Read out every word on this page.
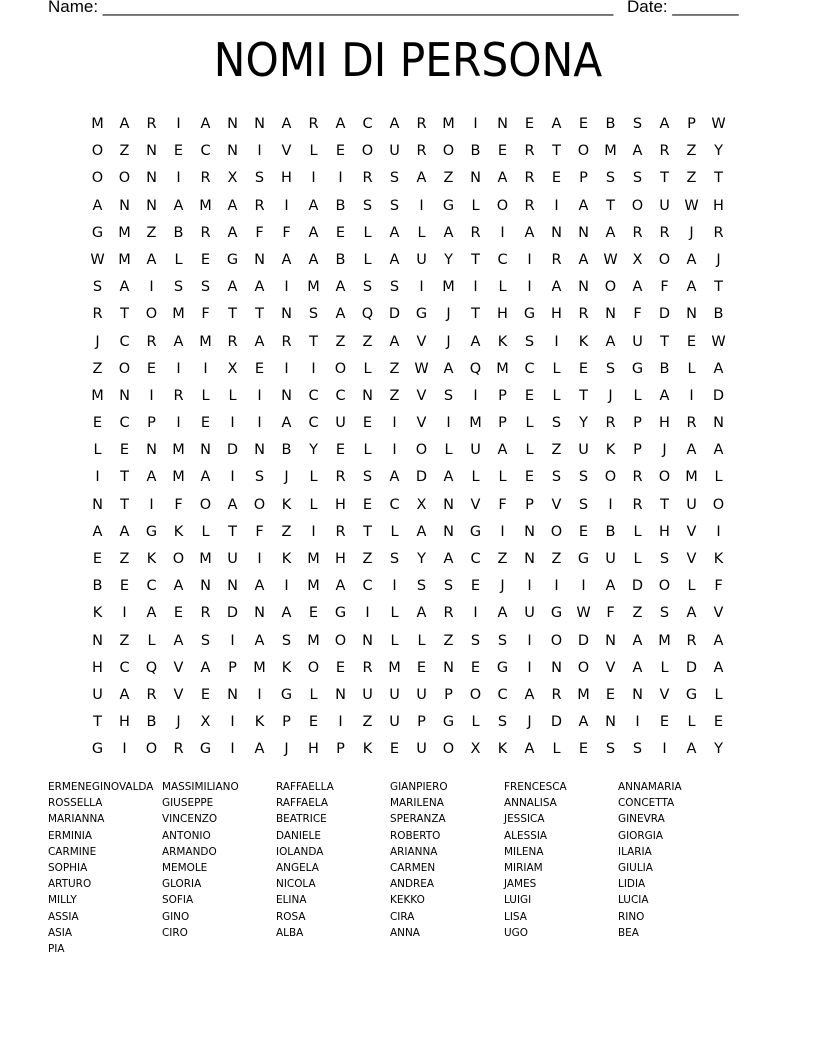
Name: ______________________________________________________ Date: _______
NOMI DI PERSONA
M	A	R	I	A	N	N	A	R	A	C	A	R	M	I	N	E	A	E	B	S	A	P	W
O	Z	N	E	C	N	I	V	L	E	O	U	R	O	B	E	R	T	O	M	A	R	Z	Y
O	O	N	I	R	X	S	H	I	I	R	S	A	Z	N	A	R	E	P	S	S	T	Z	T
A	N	N	A	M	A	R	I	A	B	S	S	I	G	L	O	R	I	A	T	O	U	W H
G	M	Z	B	R	A	F	F	A	E	L	A	L	A	R	I	A	N	N	A	R	R	J	R
W M	A	L	E	G	N	A	A	B	L	A	U	Y	T	C	I	R	A	W	X	O	A	J
S	A	I	S	S	A	A	I	M	A	S	S	I	M	I	L	I	A	N	O	A	F	A	T
R	T	O	M	F	T	T	N	S	A	Q	D	G	J	T	H	G	H	R	N	F	D	N	B
J	C	R	A	M	R	A	R	T	Z	Z	A	V	J	A	K	S	I	K	A	U	T	E	W
Z	O	E	I	I	X	E	I	I	O	L	Z	W	A	Q	M	C	L	E	S	G	B	L	A
M	N	I	R	L	L	I	N	C	C	N	Z	V	S	I	P	E	L	T	J	L	A	I	D
E	C	P	I	E	I	I	A	C	U	E	I	V	I	M	P	L	S	Y	R	P	H	R	N
L	E	N	M	N	D	N	B	Y	E	L	I	O	L	U	A	L	Z	U	K	P	J	A	A
I	T	A	M	A	I	S	J	L	R	S	A	D	A	L	L	E	S	S	O	R	O	M	L
N	T	I	F	O	A	O	K	L	H	E	C	X	N	V	F	P	V	S	I	R	T	U	O
A	A	G	K	L	T	F	Z	I	R	T	L	A	N	G	I	N	O	E	B	L	H	V	I
E	Z	K	O	M	U	I	K	M	H	Z	S	Y	A	C	Z	N	Z	G	U	L	S	V	K
B	E	C	A	N	N	A	I	M	A	C	I	S	S	E	J	I	I	I	A	D	O	L	F
K	I	A	E	R	D	N	A	E	G	I	L	A	R	I	A	U	G W	F	Z	S	A	V
N	Z	L	A	S	I	A	S	M	O	N	L	L	Z	S	S	I	O	D	N	A	M	R	A
H	C	Q	V	A	P	M	K	O	E	R	M	E	N	E	G	I	N	O	V	A	L	D	A
U	A	R	V	E	N	I	G	L	N	U	U	U	P	O	C	A	R	M	E	N	V	G	L
T	H	B	J	X	I	K	P	E	I	Z	U	P	G	L	S	J	D	A	N	I	E	L	E
G	I	O	R	G	I	A	J	H	P	K	E	U	O	X	K	A	L	E	S	S	I	A	Y
ERMENEGINOVALDA
ROSSELLA
MARIANNA
ERMINIA
CARMINE
SOPHIA
ARTURO
MILLY
ASSIA
ASIA
PIA
MASSIMILIANO
GIUSEPPE
VINCENZO
ANTONIO
ARMANDO
MEMOLE
GLORIA
SOFIA
GINO
CIRO
RAFFAELLA
RAFFAELA
BEATRICE
DANIELE
IOLANDA
ANGELA
NICOLA
ELINA
ROSA
ALBA
GIANPIERO
MARILENA
SPERANZA
ROBERTO
ARIANNA
CARMEN
ANDREA
KEKKO
CIRA
ANNA
FRENCESCA
ANNALISA
JESSICA
ALESSIA
MILENA
MIRIAM
JAMES
LUIGI
LISA
UGO
ANNAMARIA
CONCETTA
GINEVRA
GIORGIA
ILARIA
GIULIA
LIDIA
LUCIA
RINO
BEA
